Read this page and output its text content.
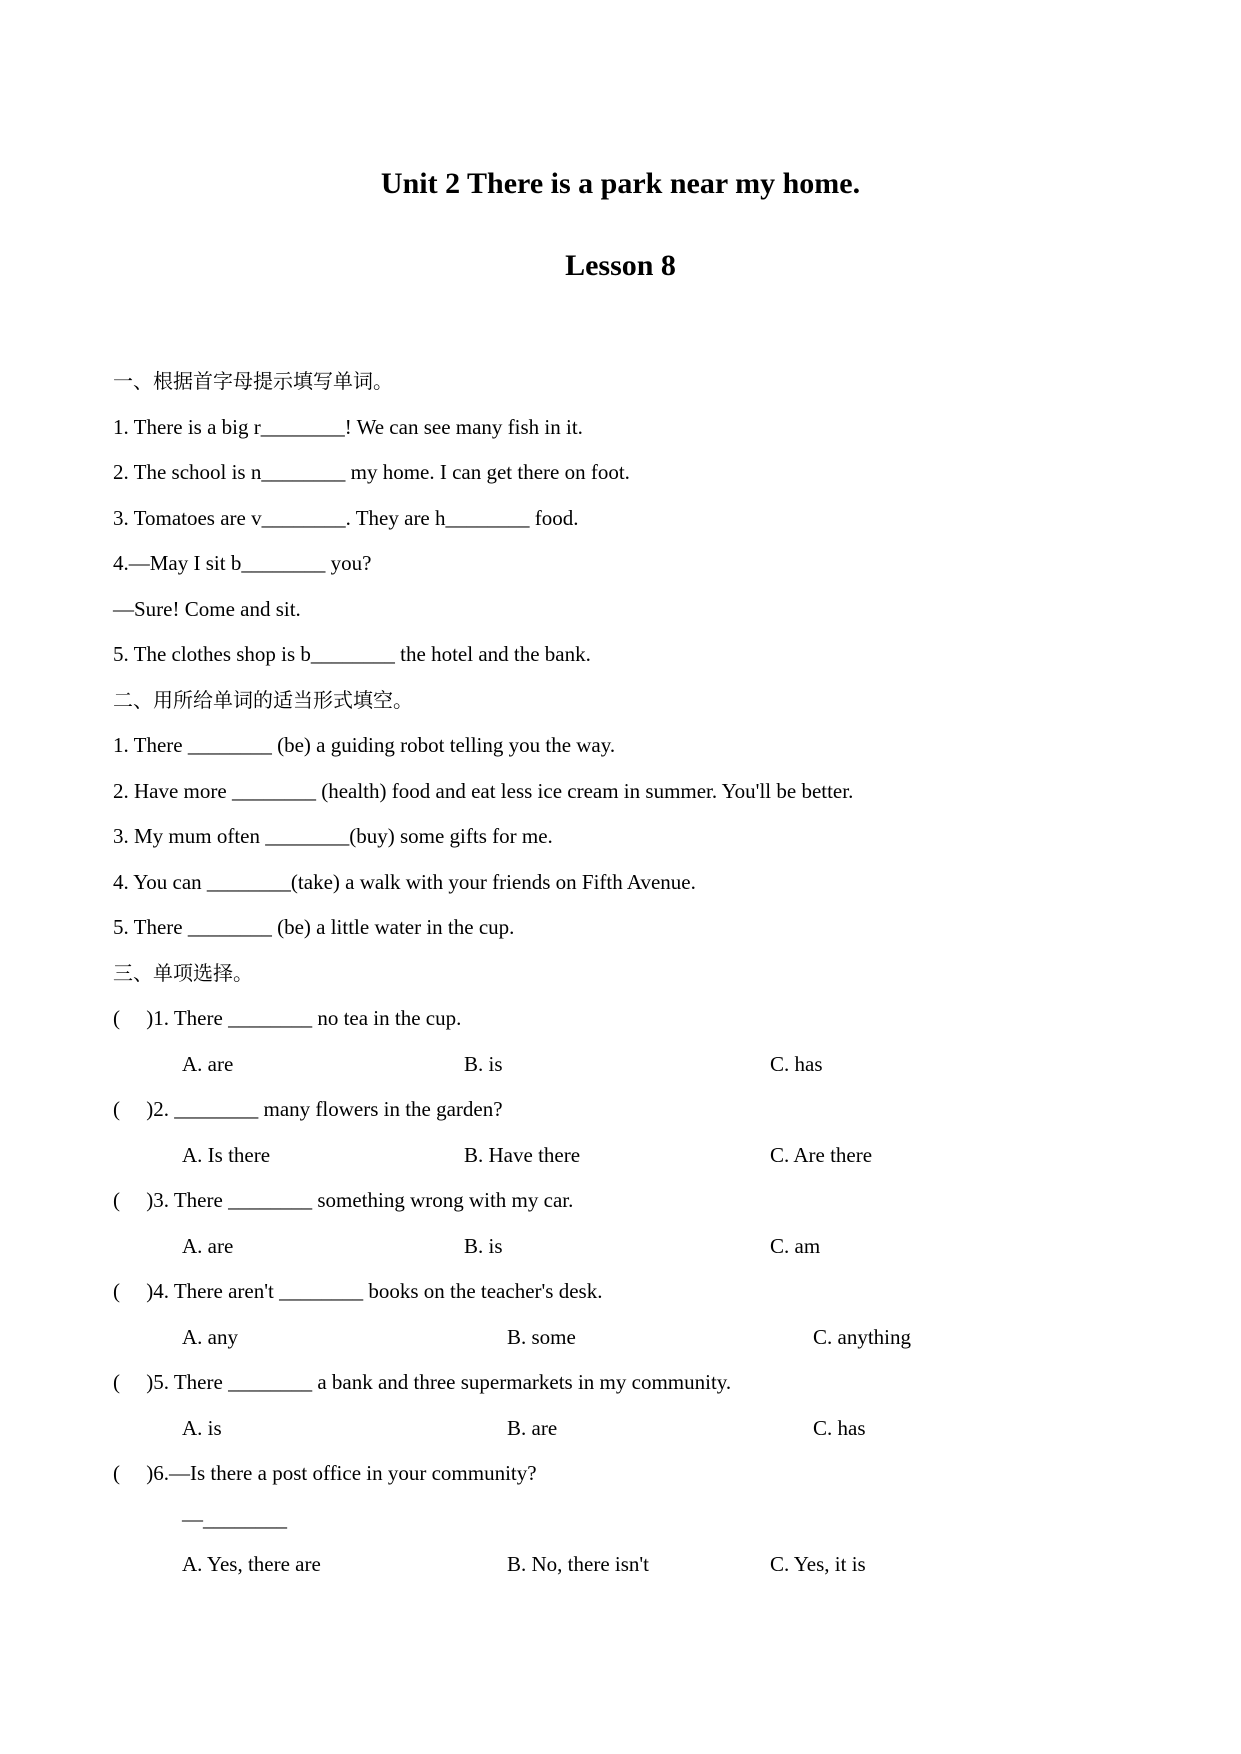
Unit 2 There is a park near my home.
Lesson 8
一、根据首字母提示填写单词。
1. There is a big r________! We can see many fish in it.
2. The school is n________ my home. I can get there on foot.
3. Tomatoes are v________. They are h________ food.
4.—May I sit b________ you?
—Sure! Come and sit.
5. The clothes shop is b________ the hotel and the bank.
二、用所给单词的适当形式填空。
1. There ________ (be) a guiding robot telling you the way.
2. Have more ________ (health) food and eat less ice cream in summer. You'll be better.
3. My mum often ________(buy) some gifts for me.
4. You can ________(take) a walk with your friends on Fifth Avenue.
5. There ________ (be) a little water in the cup.
三、单项选择。
(     )1. There ________ no tea in the cup.
A. are	B. is	C. has
(     )2. ________ many flowers in the garden?
A. Is there	B. Have there	C. Are there
(     )3. There ________ something wrong with my car.
A. are	B. is	C. am
(     )4. There aren't ________ books on the teacher's desk.
A. any	B. some	C. anything
(     )5. There ________ a bank and three supermarkets in my community.
A. is	B. are	C. has
(     )6.—Is there a post office in your community?
—________
A. Yes, there are	B. No, there isn't	C. Yes, it is
